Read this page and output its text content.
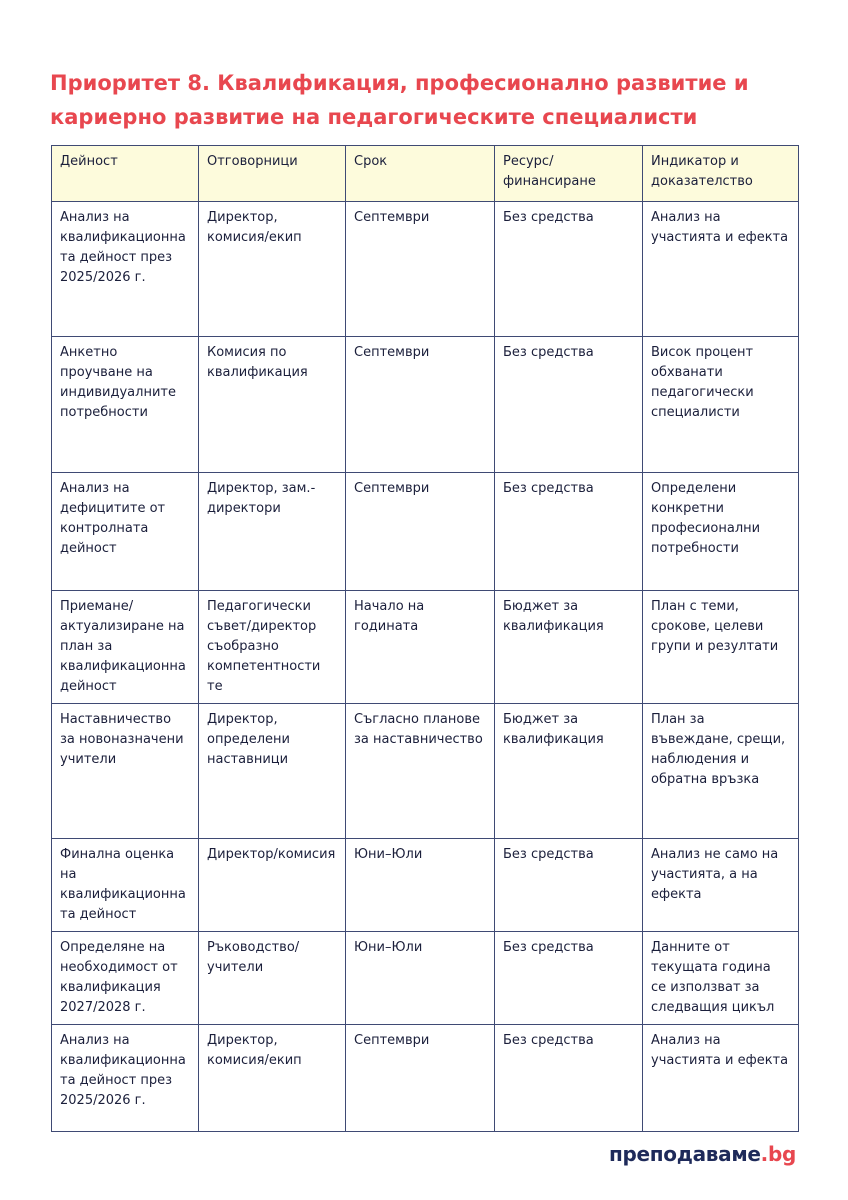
Приоритет 8. Квалификация, професионално развитие и кариерно развитие на педагогическите специалисти
Дейност	Отговорници	Срок	Ресурс/ финансиране	Индикатор и доказателство
Анализ на квалификационна та дейност през 2025/2026 г.	Директор, комисия/екип	Септември	Без средства	Анализ на участията и ефекта
Анкетно проучване на индивидуалните потребности	Комисия по квалификация	Септември	Без средства	Висок процент обхванати педагогически специалисти
Анализ на дефицитите от контролната дейност	Директор, зам.- директори	Септември	Без средства	Определени конкретни професионални потребности
Приемане/ актуализиране на план за квалификационна дейност	Педагогически съвет/директор съобразно компетентности те	Начало на годината	Бюджет за квалификация	План с теми, срокове, целеви групи и резултати
Наставничество за новоназначени учители	Директор, определени наставници	Съгласно планове за наставничество	Бюджет за квалификация	План за въвеждане, срещи, наблюдения и обратна връзка
Финална оценка на квалификационна та дейност	Директор/комисия	Юни–Юли	Без средства	Анализ не само на участията, а на ефекта
Определяне на необходимост от квалификация 2027/2028 г.	Ръководство/ учители	Юни–Юли	Без средства	Данните от текущата година се използват за следващия цикъл
Анализ на квалификационна та дейност през 2025/2026 г.	Директор, комисия/екип	Септември	Без средства	Анализ на участията и ефекта
преподаваме.bg
